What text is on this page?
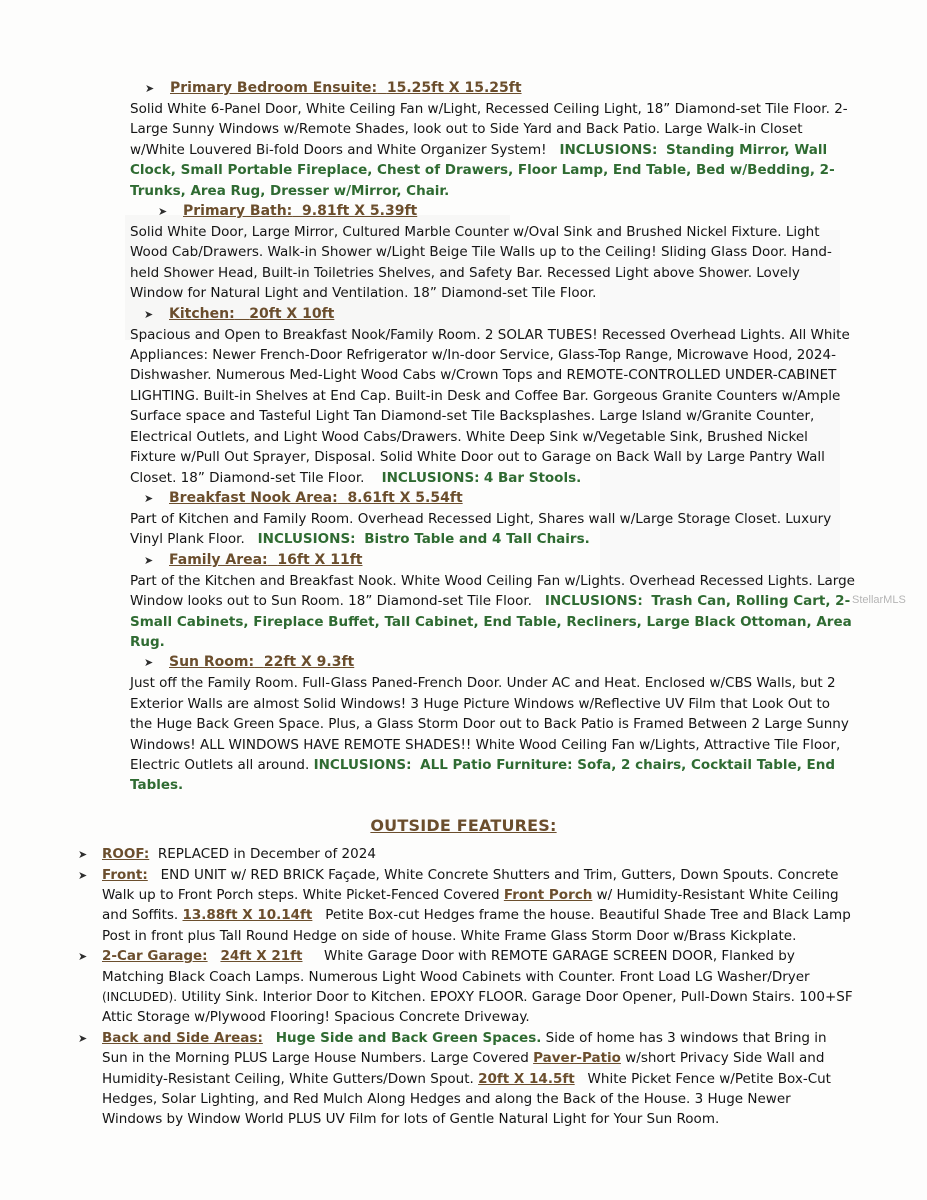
StellarMLS
➤ Primary Bedroom Ensuite: 15.25ft X 15.25ft

Solid White 6-Panel Door, White Ceiling Fan w/Light, Recessed Ceiling Light, 18” Diamond-set Tile Floor. 2-Large Sunny Windows w/Remote Shades, look out to Side Yard and Back Patio. Large Walk-in Closet w/White Louvered Bi-fold Doors and White Organizer System! INCLUSIONS: Standing Mirror, Wall Clock, Small Portable Fireplace, Chest of Drawers, Floor Lamp, End Table, Bed w/Bedding, 2-Trunks, Area Rug, Dresser w/Mirror, Chair.

➤ Primary Bath: 9.81ft X 5.39ft

Solid White Door, Large Mirror, Cultured Marble Counter w/Oval Sink and Brushed Nickel Fixture. Light Wood Cab/Drawers. Walk-in Shower w/Light Beige Tile Walls up to the Ceiling! Sliding Glass Door. Hand-held Shower Head, Built-in Toiletries Shelves, and Safety Bar. Recessed Light above Shower. Lovely Window for Natural Light and Ventilation. 18” Diamond-set Tile Floor.

➤ Kitchen: 20ft X 10ft

Spacious and Open to Breakfast Nook/Family Room. 2 SOLAR TUBES! Recessed Overhead Lights. All White Appliances: Newer French-Door Refrigerator w/In-door Service, Glass-Top Range, Microwave Hood, 2024-Dishwasher. Numerous Med-Light Wood Cabs w/Crown Tops and REMOTE-CONTROLLED UNDER-CABINET LIGHTING. Built-in Shelves at End Cap. Built-in Desk and Coffee Bar. Gorgeous Granite Counters w/Ample Surface space and Tasteful Light Tan Diamond-set Tile Backsplashes. Large Island w/Granite Counter, Electrical Outlets, and Light Wood Cabs/Drawers. White Deep Sink w/Vegetable Sink, Brushed Nickel Fixture w/Pull Out Sprayer, Disposal. Solid White Door out to Garage on Back Wall by Large Pantry Wall Closet. 18” Diamond-set Tile Floor. INCLUSIONS: 4 Bar Stools.

➤ Breakfast Nook Area: 8.61ft X 5.54ft

Part of Kitchen and Family Room. Overhead Recessed Light, Shares wall w/Large Storage Closet. Luxury Vinyl Plank Floor. INCLUSIONS: Bistro Table and 4 Tall Chairs.

➤ Family Area: 16ft X 11ft

Part of the Kitchen and Breakfast Nook. White Wood Ceiling Fan w/Lights. Overhead Recessed Lights. Large Window looks out to Sun Room. 18” Diamond-set Tile Floor. INCLUSIONS: Trash Can, Rolling Cart, 2-Small Cabinets, Fireplace Buffet, Tall Cabinet, End Table, Recliners, Large Black Ottoman, Area Rug.

➤ Sun Room: 22ft X 9.3ft

Just off the Family Room. Full-Glass Paned-French Door. Under AC and Heat. Enclosed w/CBS Walls, but 2 Exterior Walls are almost Solid Windows! 3 Huge Picture Windows w/Reflective UV Film that Look Out to the Huge Back Green Space. Plus, a Glass Storm Door out to Back Patio is Framed Between 2 Large Sunny Windows! ALL WINDOWS HAVE REMOTE SHADES!! White Wood Ceiling Fan w/Lights, Attractive Tile Floor, Electric Outlets all around. INCLUSIONS: ALL Patio Furniture: Sofa, 2 chairs, Cocktail Table, End Tables.

OUTSIDE FEATURES:

➤ ROOF: REPLACED in December of 2024

➤ Front: END UNIT w/ RED BRICK Façade, White Concrete Shutters and Trim, Gutters, Down Spouts. Concrete Walk up to Front Porch steps. White Picket-Fenced Covered Front Porch w/ Humidity-Resistant White Ceiling and Soffits. 13.88ft X 10.14ft Petite Box-cut Hedges frame the house. Beautiful Shade Tree and Black Lamp Post in front plus Tall Round Hedge on side of house. White Frame Glass Storm Door w/Brass Kickplate.

➤ 2-Car Garage: 24ft X 21ft White Garage Door with REMOTE GARAGE SCREEN DOOR, Flanked by Matching Black Coach Lamps. Numerous Light Wood Cabinets with Counter. Front Load LG Washer/Dryer (INCLUDED). Utility Sink. Interior Door to Kitchen. EPOXY FLOOR. Garage Door Opener, Pull-Down Stairs. 100+SF Attic Storage w/Plywood Flooring! Spacious Concrete Driveway.

➤ Back and Side Areas: Huge Side and Back Green Spaces. Side of home has 3 windows that Bring in Sun in the Morning PLUS Large House Numbers. Large Covered Paver-Patio w/short Privacy Side Wall and Humidity-Resistant Ceiling, White Gutters/Down Spout. 20ft X 14.5ft White Picket Fence w/Petite Box-Cut Hedges, Solar Lighting, and Red Mulch Along Hedges and along the Back of the House. 3 Huge Newer Windows by Window World PLUS UV Film for lots of Gentle Natural Light for Your Sun Room.
